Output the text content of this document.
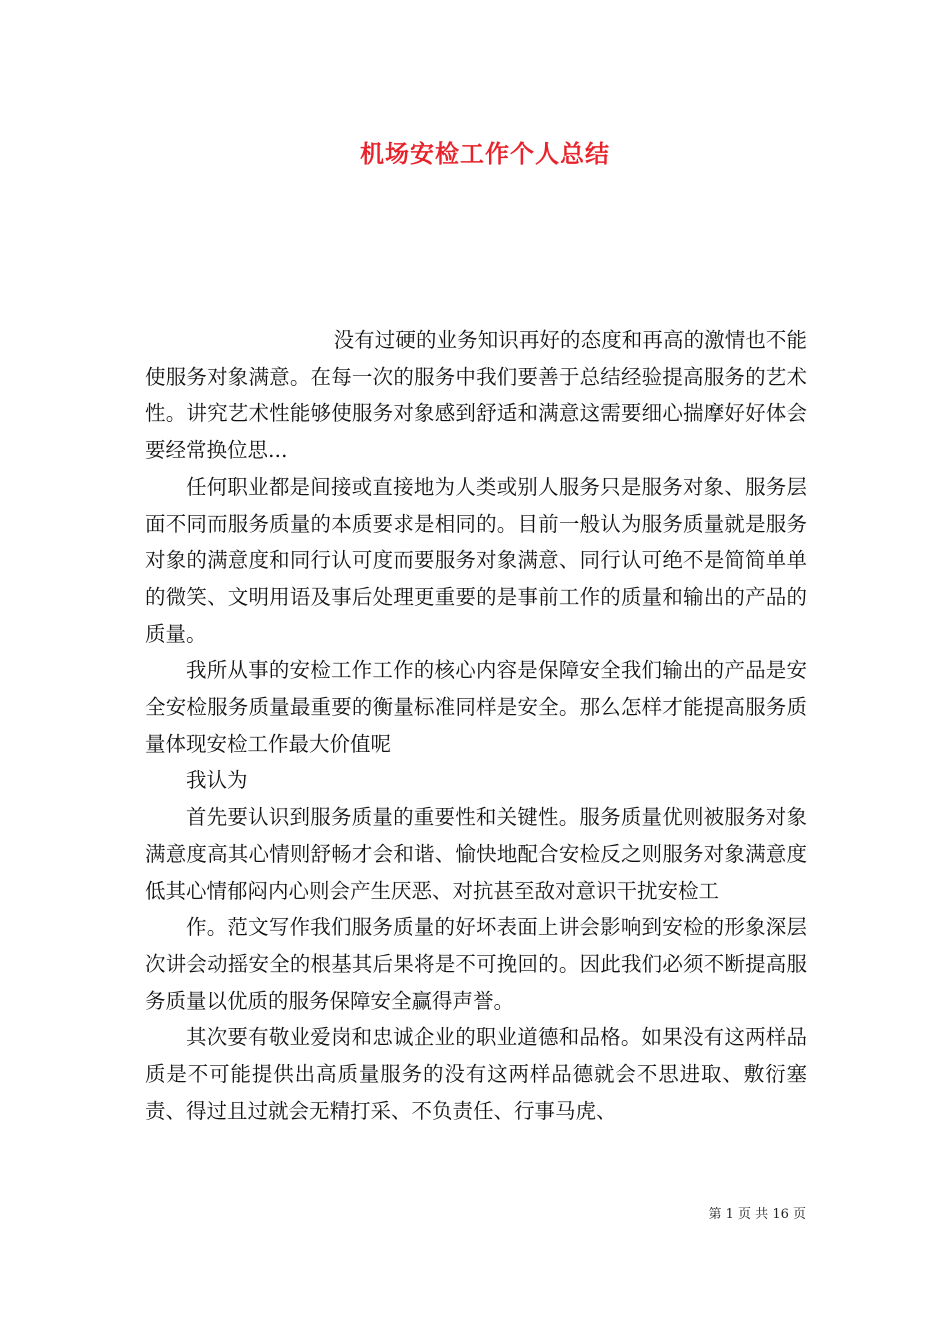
机场安检工作个人总结

没有过硬的业务知识再好的态度和再高的激情也不能使服务对象满意。在每一次的服务中我们要善于总结经验提高服务的艺术性。讲究艺术性能够使服务对象感到舒适和满意这需要细心揣摩好好体会要经常换位思...

任何职业都是间接或直接地为人类或别人服务只是服务对象、服务层面不同而服务质量的本质要求是相同的。目前一般认为服务质量就是服务对象的满意度和同行认可度而要服务对象满意、同行认可绝不是简简单单的微笑、文明用语及事后处理更重要的是事前工作的质量和输出的产品的质量。

我所从事的安检工作工作的核心内容是保障安全我们输出的产品是安全安检服务质量最重要的衡量标准同样是安全。那么怎样才能提高服务质量体现安检工作最大价值呢

我认为

首先要认识到服务质量的重要性和关键性。服务质量优则被服务对象满意度高其心情则舒畅才会和谐、愉快地配合安检反之则服务对象满意度低其心情郁闷内心则会产生厌恶、对抗甚至敌对意识干扰安检工

作。范文写作我们服务质量的好坏表面上讲会影响到安检的形象深层次讲会动摇安全的根基其后果将是不可挽回的。因此我们必须不断提高服务质量以优质的服务保障安全赢得声誉。

其次要有敬业爱岗和忠诚企业的职业道德和品格。如果没有这两样品质是不可能提供出高质量服务的没有这两样品德就会不思进取、敷衍塞责、得过且过就会无精打采、不负责任、行事马虎、

第 1 页 共 16 页
